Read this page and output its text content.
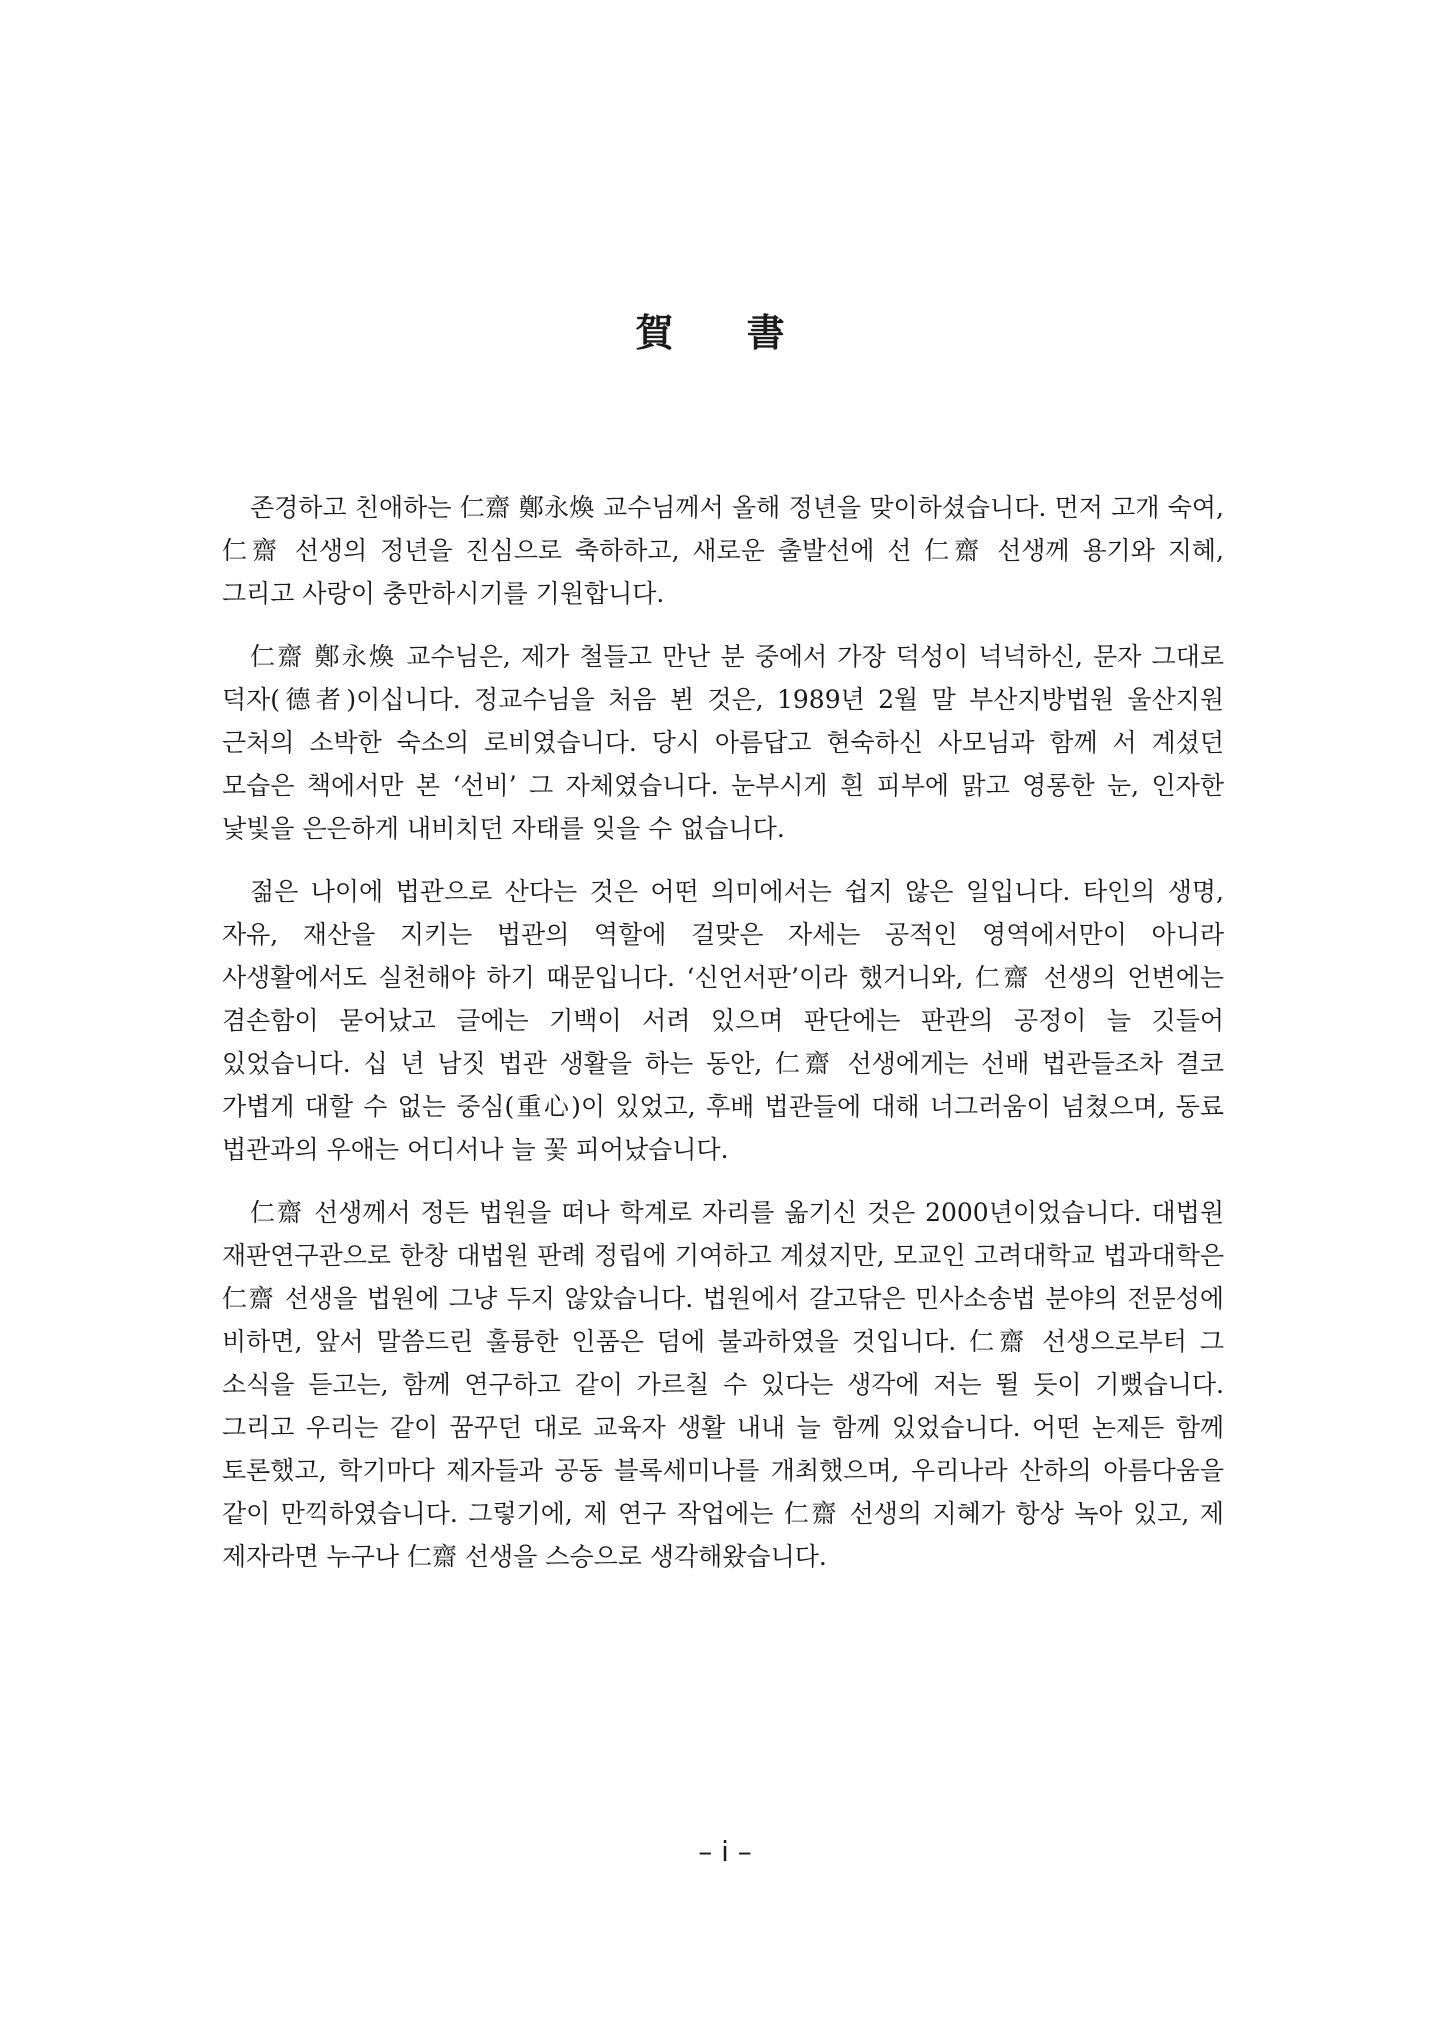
賀 書

존경하고 친애하는 仁齋 鄭永煥 교수님께서 올해 정년을 맞이하셨습니다. 먼저 고개 숙여, 仁齋 선생의 정년을 진심으로 축하하고, 새로운 출발선에 선 仁齋 선생께 용기와 지혜, 그리고 사랑이 충만하시기를 기원합니다.

仁齋 鄭永煥 교수님은, 제가 철들고 만난 분 중에서 가장 덕성이 넉넉하신, 문자 그대로 덕자(德者)이십니다. 정교수님을 처음 뵌 것은, 1989년 2월 말 부산지방법원 울산지원 근처의 소박한 숙소의 로비였습니다. 당시 아름답고 현숙하신 사모님과 함께 서 계셨던 모습은 책에서만 본 ‘선비’ 그 자체였습니다. 눈부시게 흰 피부에 맑고 영롱한 눈, 인자한 낯빛을 은은하게 내비치던 자태를 잊을 수 없습니다.

젊은 나이에 법관으로 산다는 것은 어떤 의미에서는 쉽지 않은 일입니다. 타인의 생명, 자유, 재산을 지키는 법관의 역할에 걸맞은 자세는 공적인 영역에서만이 아니라 사생활에서도 실천해야 하기 때문입니다. ‘신언서판’이라 했거니와, 仁齋 선생의 언변에는 겸손함이 묻어났고 글에는 기백이 서려 있으며 판단에는 판관의 공정이 늘 깃들어 있었습니다. 십 년 남짓 법관 생활을 하는 동안, 仁齋 선생에게는 선배 법관들조차 결코 가볍게 대할 수 없는 중심(重心)이 있었고, 후배 법관들에 대해 너그러움이 넘쳤으며, 동료 법관과의 우애는 어디서나 늘 꽃 피어났습니다.

仁齋 선생께서 정든 법원을 떠나 학계로 자리를 옮기신 것은 2000년이었습니다. 대법원 재판연구관으로 한창 대법원 판례 정립에 기여하고 계셨지만, 모교인 고려대학교 법과대학은 仁齋 선생을 법원에 그냥 두지 않았습니다. 법원에서 갈고닦은 민사소송법 분야의 전문성에 비하면, 앞서 말씀드린 훌륭한 인품은 덤에 불과하였을 것입니다. 仁齋 선생으로부터 그 소식을 듣고는, 함께 연구하고 같이 가르칠 수 있다는 생각에 저는 뛸 듯이 기뻤습니다. 그리고 우리는 같이 꿈꾸던 대로 교육자 생활 내내 늘 함께 있었습니다. 어떤 논제든 함께 토론했고, 학기마다 제자들과 공동 블록세미나를 개최했으며, 우리나라 산하의 아름다움을 같이 만끽하였습니다. 그렇기에, 제 연구 작업에는 仁齋 선생의 지혜가 항상 녹아 있고, 제 제자라면 누구나 仁齋 선생을 스승으로 생각해왔습니다.

– i –
